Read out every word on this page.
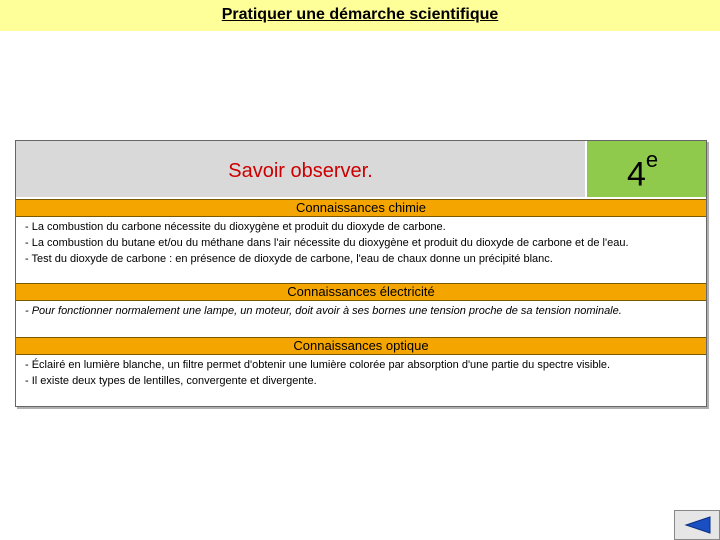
Pratiquer une démarche scientifique
Savoir observer.	4e
Connaissances chimie
- La combustion du carbone nécessite du dioxygène et produit du dioxyde de carbone.
- La combustion du butane et/ou du méthane dans l'air nécessite du dioxygène et produit du dioxyde de carbone et de l'eau.
- Test du dioxyde de carbone : en présence de dioxyde de carbone, l'eau de chaux donne un précipité blanc.
Connaissances électricité
- Pour fonctionner normalement une lampe, un moteur, doit avoir à ses bornes une tension proche de sa tension nominale.
Connaissances optique
- Éclairé en lumière blanche, un filtre permet d'obtenir une lumière colorée par absorption d'une partie du spectre visible.
- Il existe deux types de lentilles, convergente et divergente.
